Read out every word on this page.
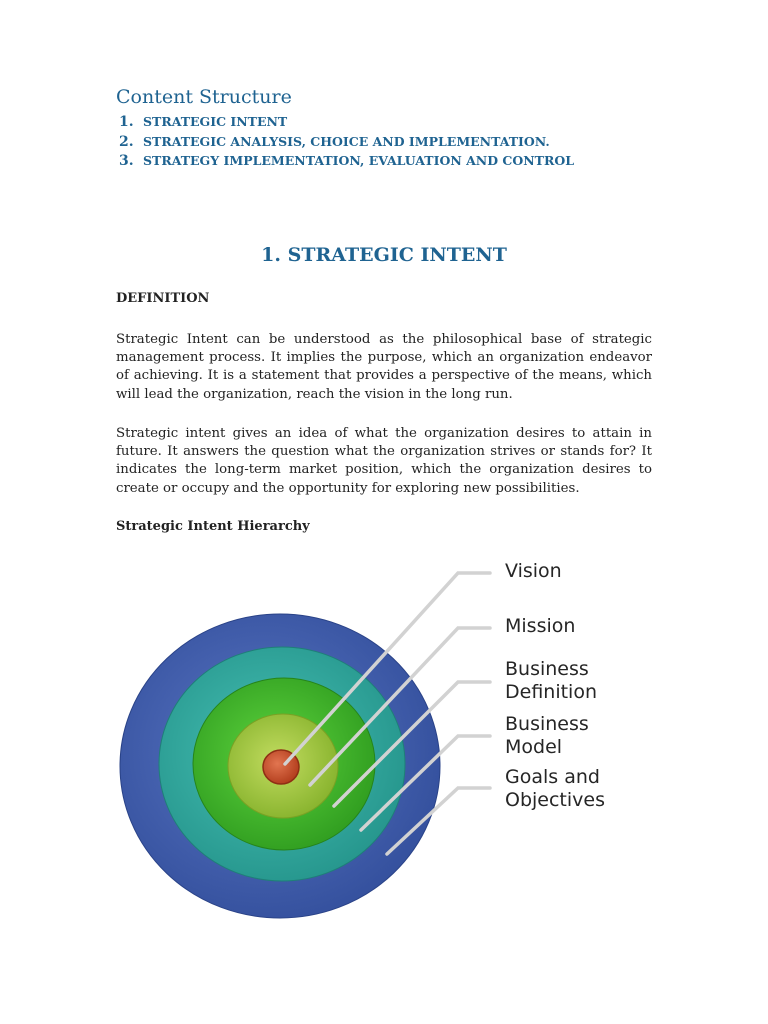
Content Structure
1. STRATEGIC INTENT
2. STRATEGIC ANALYSIS, CHOICE AND IMPLEMENTATION.
3. STRATEGY IMPLEMENTATION, EVALUATION AND CONTROL
1. STRATEGIC INTENT
DEFINITION

Strategic Intent can be understood as the philosophical base of strategic management process. It implies the purpose, which an organization endeavor of achieving. It is a statement that provides a perspective of the means, which will lead the organization, reach the vision in the long run.

Strategic intent gives an idea of what the organization desires to attain in future. It answers the question what the organization strives or stands for? It indicates the long-term market position, which the organization desires to create or occupy and the opportunity for exploring new possibilities.

Strategic Intent Hierarchy
Vision
Mission
Business Definition
Business Model
Goals and Objectives
